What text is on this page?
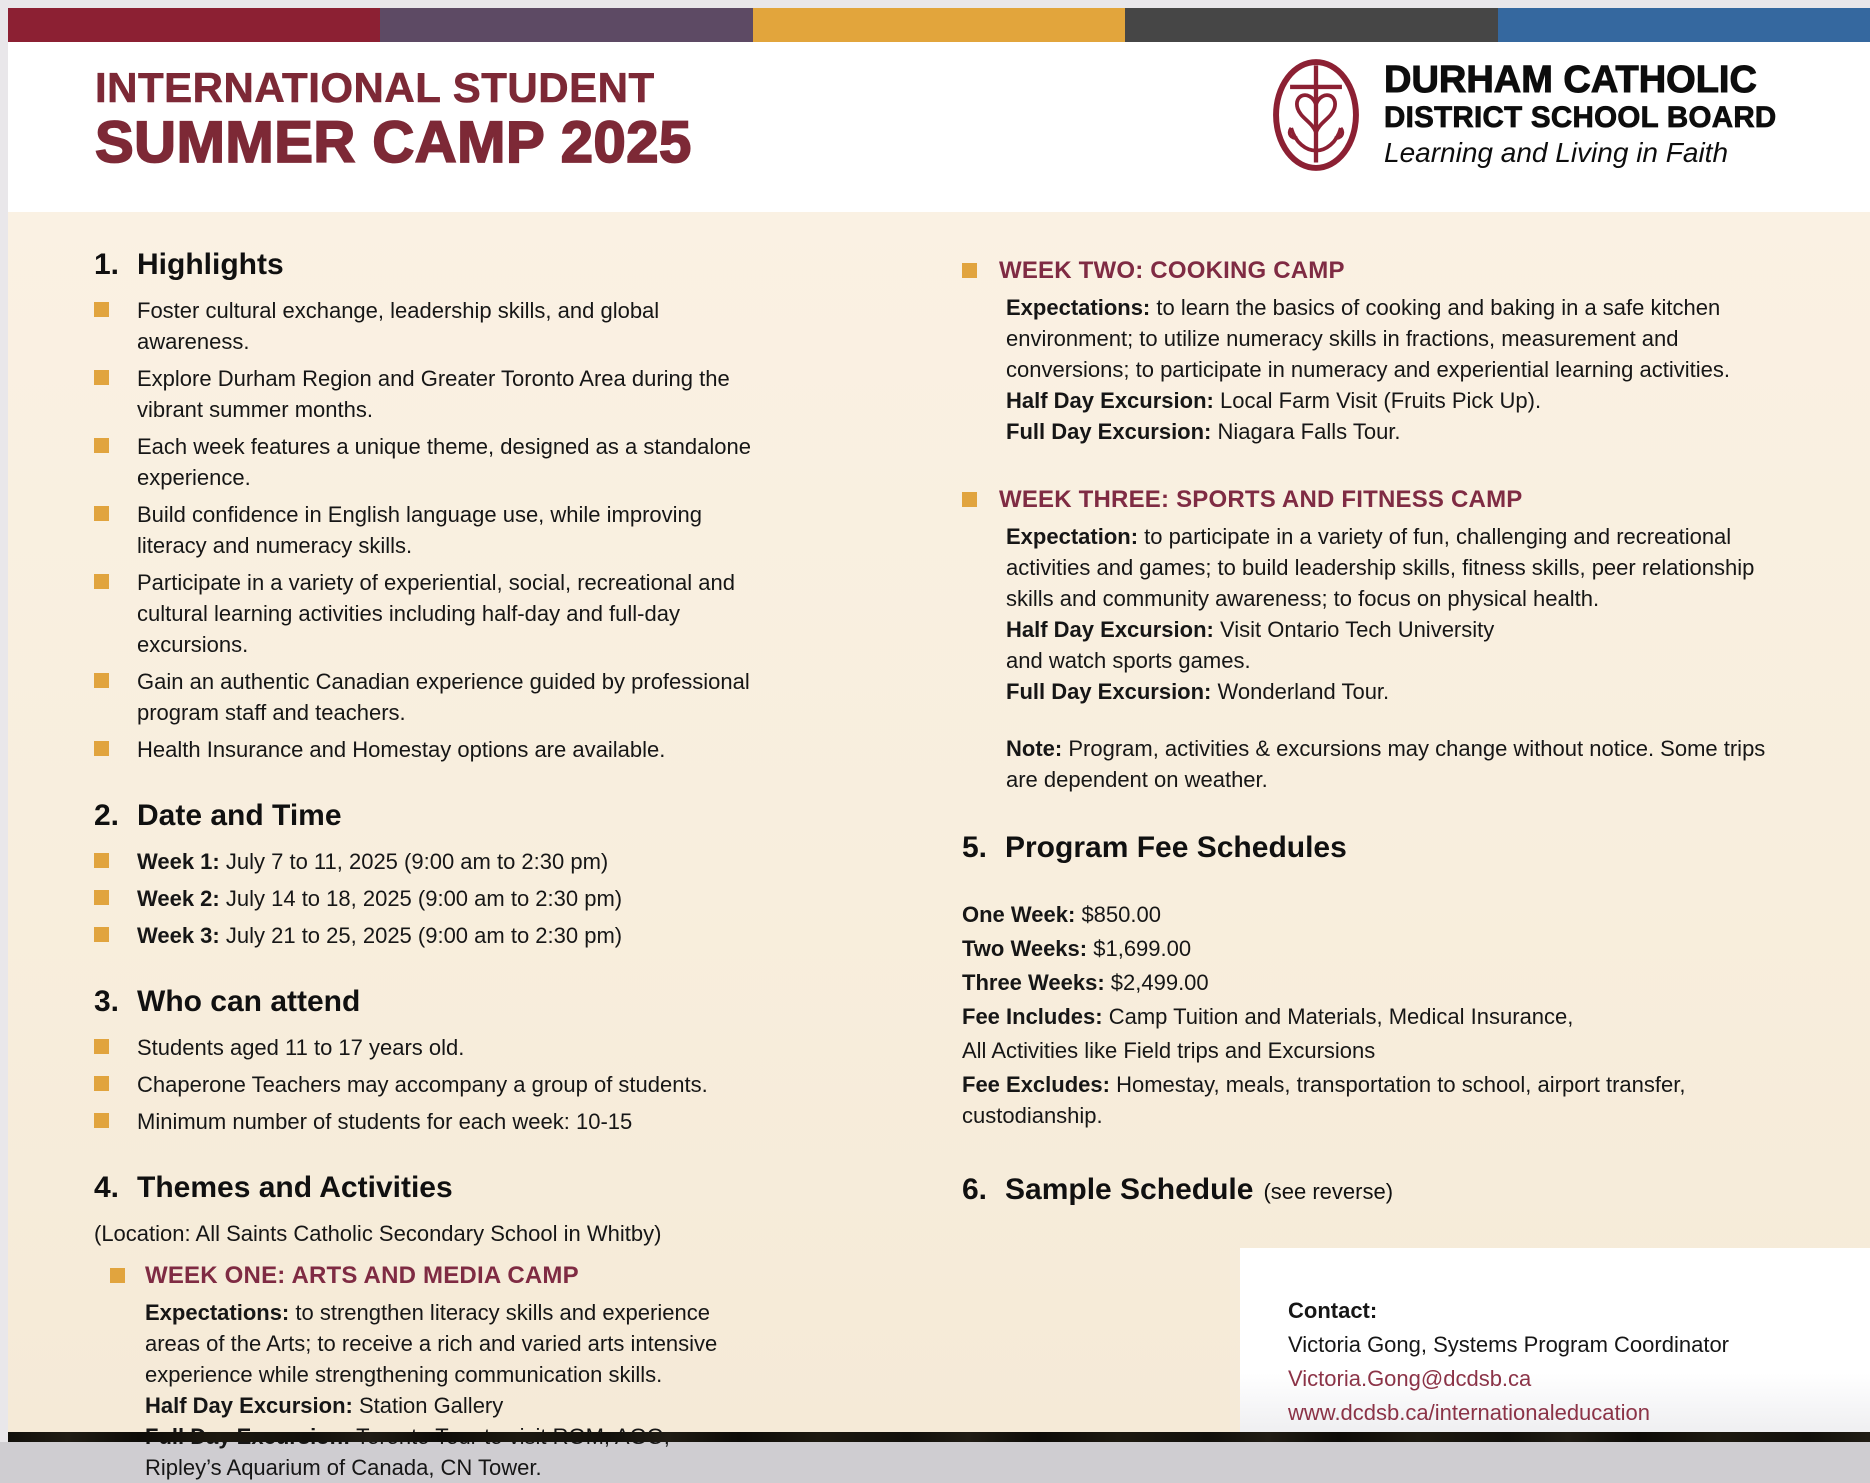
INTERNATIONAL STUDENT
SUMMER CAMP 2025
DURHAM CATHOLIC
DISTRICT SCHOOL BOARD
Learning and Living in Faith
1. Highlights
Foster cultural exchange, leadership skills, and global awareness.
Explore Durham Region and Greater Toronto Area during the vibrant summer months.
Each week features a unique theme, designed as a standalone experience.
Build confidence in English language use, while improving literacy and numeracy skills.
Participate in a variety of experiential, social, recreational and cultural learning activities including half-day and full-day excursions.
Gain an authentic Canadian experience guided by professional program staff and teachers.
Health Insurance and Homestay options are available.
2. Date and Time
Week 1: July 7 to 11, 2025 (9:00 am to 2:30 pm)
Week 2: July 14 to 18, 2025 (9:00 am to 2:30 pm)
Week 3: July 21 to 25, 2025 (9:00 am to 2:30 pm)
3. Who can attend
Students aged 11 to 17 years old.
Chaperone Teachers may accompany a group of students.
Minimum number of students for each week: 10-15
4. Themes and Activities

(Location: All Saints Catholic Secondary School in Whitby)

WEEK ONE: ARTS AND MEDIA CAMP

Expectations: to strengthen literacy skills and experience areas of the Arts; to receive a rich and varied arts intensive experience while strengthening communication skills.

Half Day Excursion: Station Gallery

Ripley’s Aquarium of Canada, CN Tower.

WEEK TWO: COOKING CAMP

Expectations: to learn the basics of cooking and baking in a safe kitchen environment; to utilize numeracy skills in fractions, measurement and conversions; to participate in numeracy and experiential learning activities.

Half Day Excursion: Local Farm Visit (Fruits Pick Up).

Full Day Excursion: Niagara Falls Tour.

WEEK THREE: SPORTS AND FITNESS CAMP

Expectation: to participate in a variety of fun, challenging and recreational activities and games; to build leadership skills, fitness skills, peer relationship skills and community awareness; to focus on physical health.

Half Day Excursion: Visit Ontario Tech University

and watch sports games.

Full Day Excursion: Wonderland Tour.

Note: Program, activities & excursions may change without notice. Some trips are dependent on weather.

5. Program Fee Schedules

One Week: $850.00

Two Weeks: $1,699.00

Three Weeks: $2,499.00

Fee Includes: Camp Tuition and Materials, Medical Insurance,

All Activities like Field trips and Excursions

Fee Excludes: Homestay, meals, transportation to school, airport transfer, custodianship.

6. Sample Schedule (see reverse)
Contact:
Victoria Gong, Systems Program Coordinator
Victoria.Gong@dcdsb.ca
www.dcdsb.ca/internationaleducation
